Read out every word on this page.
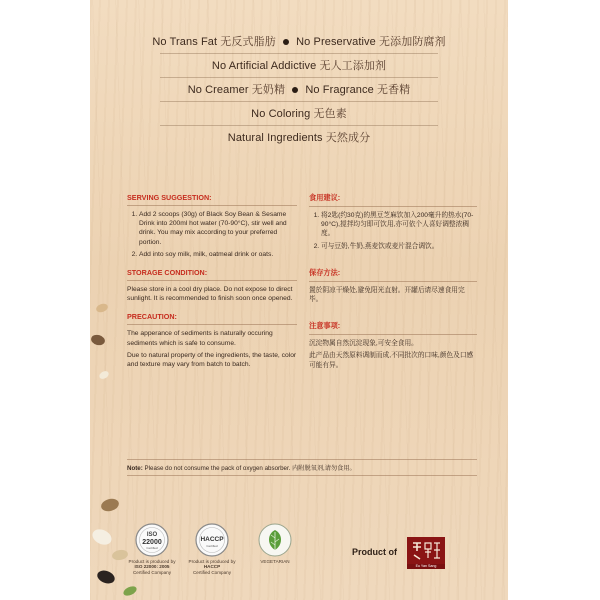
No Trans Fat 无反式脂肪 No Preservative 无添加防腐剂
No Artificial Addictive 无人工添加剂
No Creamer 无奶精 No Fragrance 无香精
No Coloring 无色素
Natural Ingredients 天然成分
SERVING SUGGESTION:
1. Add 2 scoops (30g) of Black Soy Bean & Sesame Drink into 200ml hot water (70-90°C), stir well and drink. You may mix according to your preferred portion.
2. Add into soy milk, milk, oatmeal drink or oats.
STORAGE CONDITION:

Please store in a cool dry place. Do not expose to direct sunlight. It is recommended to finish soon once opened.

PRECAUTION:

The apperance of sediments is naturally occuring sediments which is safe to consume.

Due to natural property of the ingredients, the taste, color and texture may vary from batch to batch.

食用建议:
1. 将2匙(约30克)的黑豆芝麻饮加入200毫升的热水(70-90°C),搅拌均匀即可饮用,亦可依个人喜好调整浓稠度。
2. 可与豆奶,牛奶,燕麦饮或麦片混合调饮。
保存方法:

置於阴凉干燥处,避免阳光直射。开罐后请尽速食用完毕。

注意事项:

沉淀物属自然沉淀现象,可安全食用。

此产品由天然原料调制而成,不同批次的口味,颜色及口感可能有异。

Note: Please do not consume the pack of oxygen absorber. 内附脱氧剂,请勿食用。
ISO
22000
Certified
Product is produced by
ISO 22000: 2005
Certified Company
HACCP
Certified
Product is produced by
HACCP
Certified Company
VEGETARIAN
Product of
Eu Yan Sang
